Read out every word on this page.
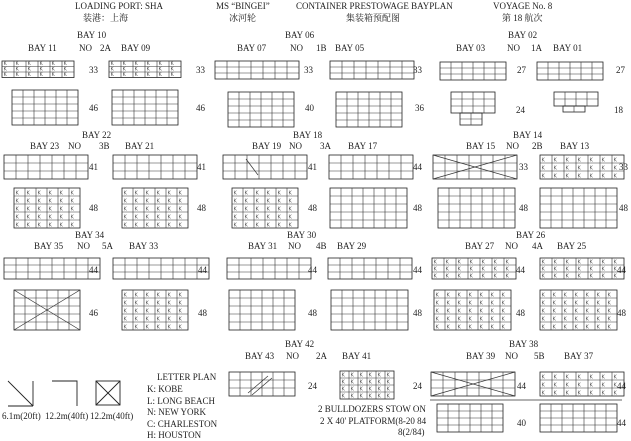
LOADING PORT: SHA
装港：上海
MS “BINGEI”
冰河轮
CONTAINER PRESTOWAGE BAYPLAN
集装箱预配图
VOYAGE No. 8
第 18 航次
BAY 10
BAY 11 NO 2A BAY 09
BAY 06
BAY 07	NO 1B BAY 05
BAY 02
BAY 03 NO 1A BAY 01
BAY 22
BAY 23 NO 3B BAY 21
BAY 18
BAY 19 NO 3A BAY 17
BAY 14
BAY 15 NO 2B BAY 13
BAY 34
BAY 35 NO 5A BAY 33
BAY 30
BAY 31 NO 4B BAY 29
BAY 26
BAY 27 NO 4A BAY 25
BAY 42
BAY 43 NO 2A BAY 41
BAY 38
BAY 39 NO 5B BAY 37
33	33
46	46
33	33
40	36
27	27
24	18
41	41
48	48
41	44
48	48
33	33
48	48
44	44
46	48
44	44
48	48
44	44
48	48
24	24	44	44
40	44
LETTER PLAN
K: KOBE
L: LONG BEACH
N: NEW YORK
C: CHARLESTON
H: HOUSTON
6.1m(20ft) 12.2m(40ft) 12.2m(40ft)
2 BULLDOZERS STOW ON
2 X 40' PLATFORM(8-20 84
8(2/84)
K K K K K K
K K K K K K
K K K K K K
K K K K K K
K K K K K K
K K K K K K
K K K K K K
K K K K K K
K K K K K K
K K K K K K
K K K K K K
K K K K K K
K K K K K K
K K K K K K
K K K K K K
K K K K K K
K K K K K K
K K K K K K
K K K K K K
K K K K K K
K K K K K K
K K K K K K K
K K K K K K K
K K K K K K K
K K K K K K
K K K K K K
K K K K K K
K K K K K K
K K K K K K
K K K K K K K
K K K K K K K
K K K K K K K
K K K K K K K
K K K K K K K
K K K K K K K
K K K K K K K
K K K K K K K
K K K K K K K
K K K K K K K
K K K K K K K
K K K K K K K
K K K K K K K
K K K K K K K
K K K K K K K
K K K K K K K
K K K K K K
K K K K K K
K K K K K K
K K K K K K
K K K K K K K
K K K K K K K
K K K K K K K
